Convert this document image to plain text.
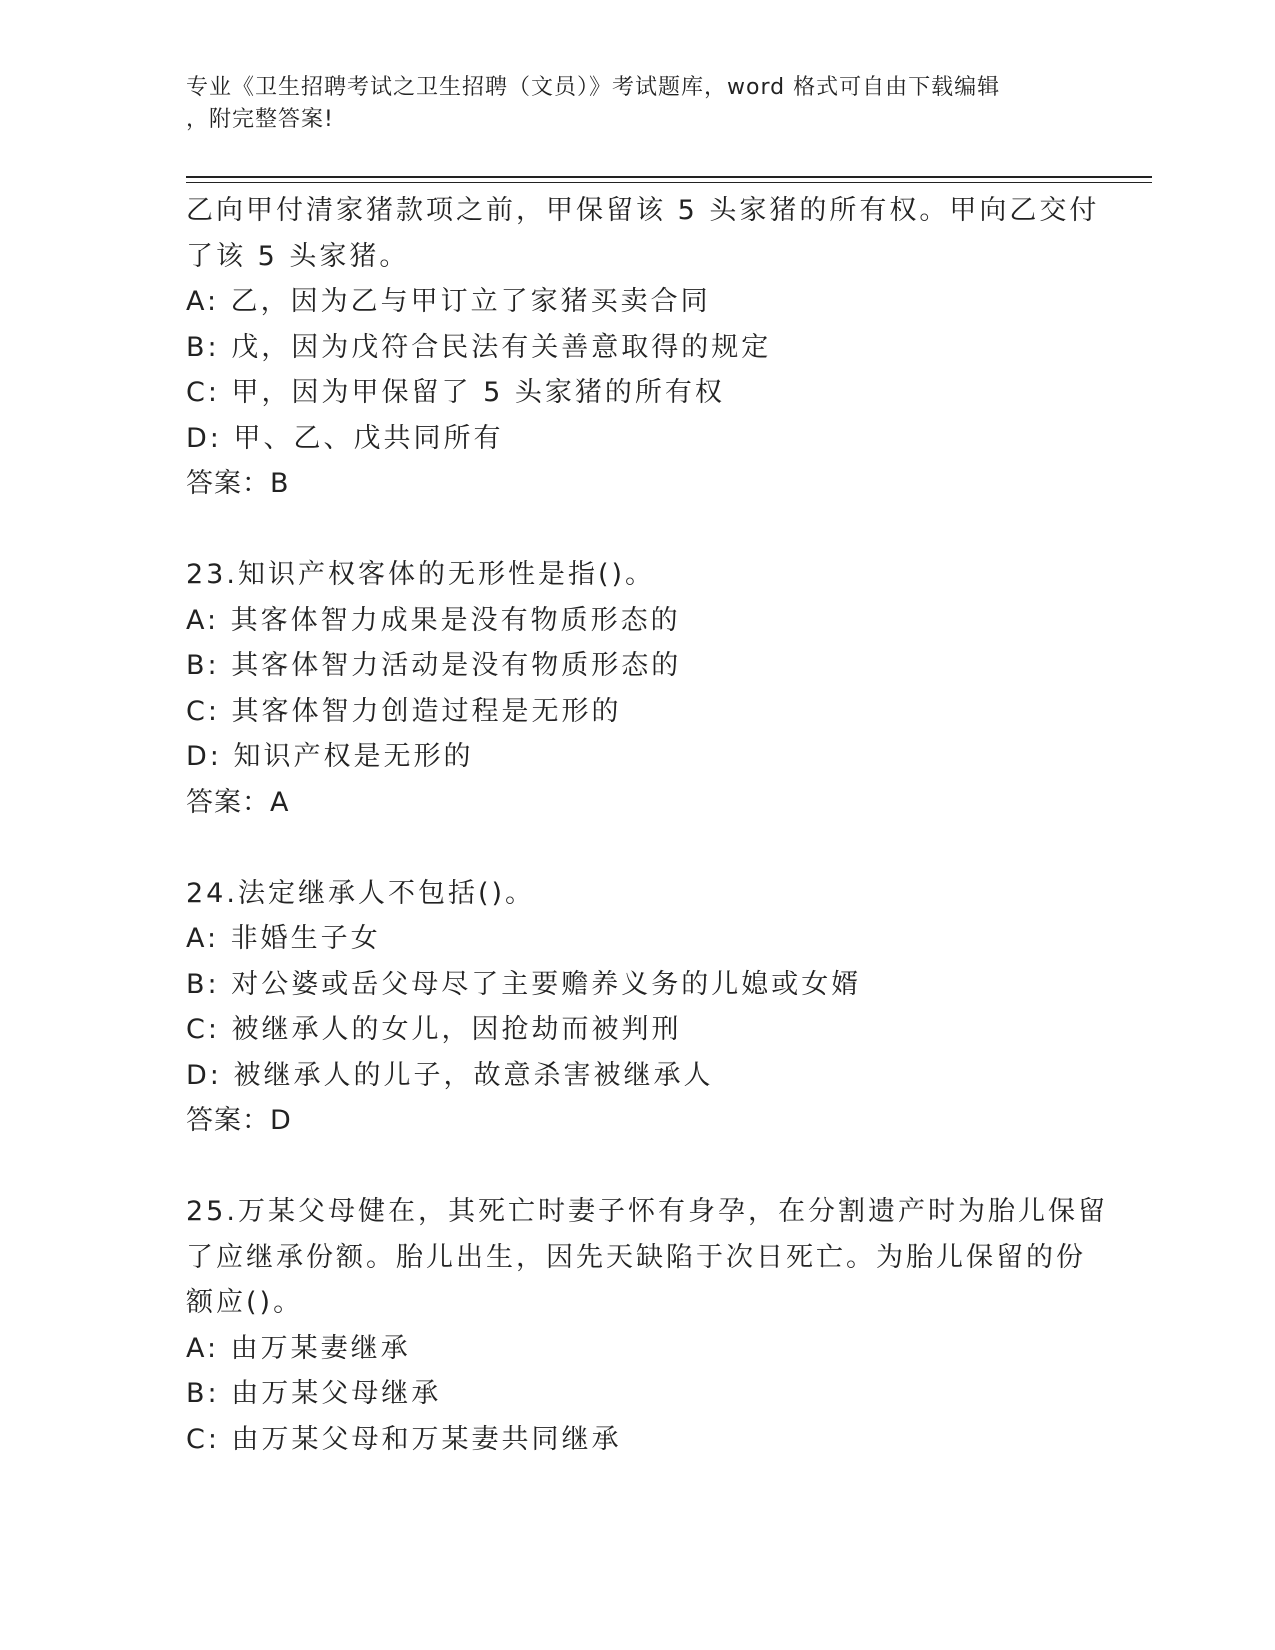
专业《卫生招聘考试之卫生招聘（文员）》考试题库，word 格式可自由下载编辑
，附完整答案!
乙向甲付清家猪款项之前，甲保留该 5 头家猪的所有权。甲向乙交付
了该 5 头家猪。
A: 乙，因为乙与甲订立了家猪买卖合同
B: 戊，因为戊符合民法有关善意取得的规定
C: 甲，因为甲保留了 5 头家猪的所有权
D: 甲、乙、戊共同所有
答案：B
23.知识产权客体的无形性是指()。
A: 其客体智力成果是没有物质形态的
B: 其客体智力活动是没有物质形态的
C: 其客体智力创造过程是无形的
D: 知识产权是无形的
答案：A
24.法定继承人不包括()。
A: 非婚生子女
B: 对公婆或岳父母尽了主要赡养义务的儿媳或女婿
C: 被继承人的女儿，因抢劫而被判刑
D: 被继承人的儿子，故意杀害被继承人
答案：D
25.万某父母健在，其死亡时妻子怀有身孕，在分割遗产时为胎儿保留
了应继承份额。胎儿出生，因先天缺陷于次日死亡。为胎儿保留的份
额应()。
A: 由万某妻继承
B: 由万某父母继承
C: 由万某父母和万某妻共同继承
